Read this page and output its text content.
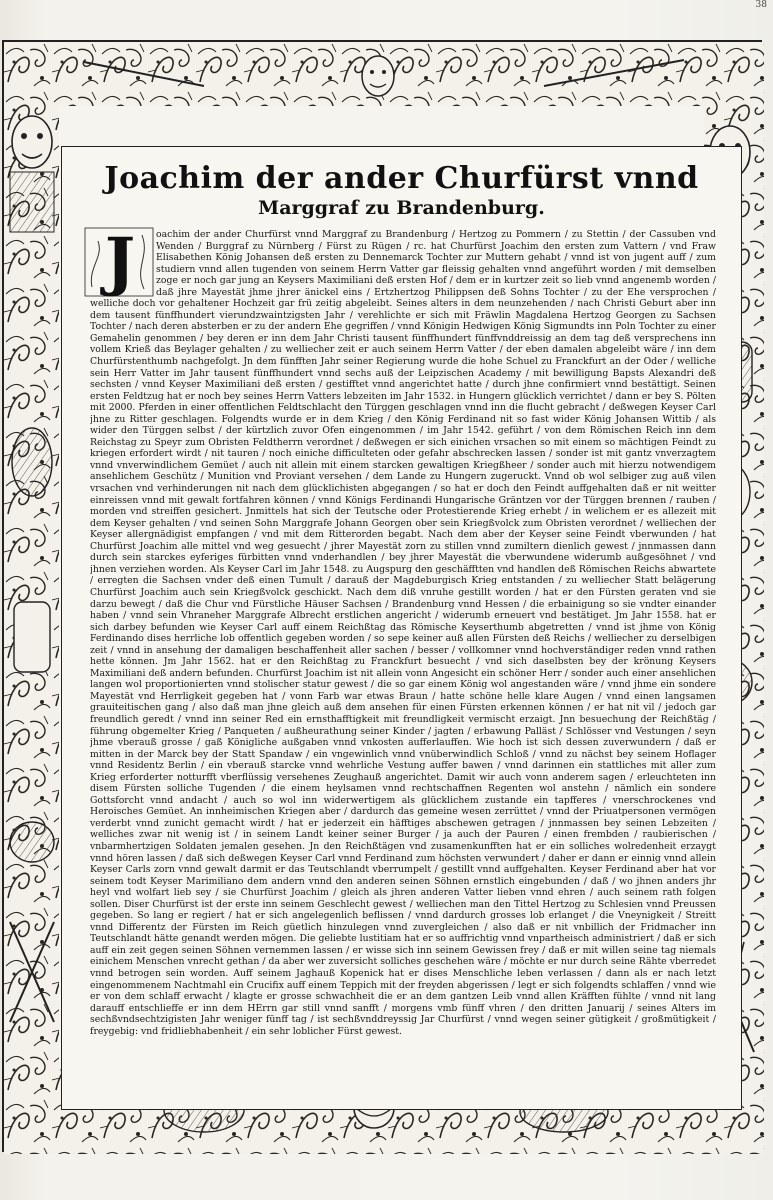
38
Joachim der ander Churfürst vnnd
Marggraf zu Brandenburg.
J	oachim der ander Churfürst vnnd Marggraf zu Brandenburg / Hertzog zu Pommern / zu Stettin / der Cassuben vnd Wenden / Burggraf zu Nürnberg / Fürst zu Rügen / rc. hat Churfürst Joachim den ersten zum Vattern / vnd Fraw Elisabethen König Johansen deß ersten zu Dennemarck Tochter zur Muttern gehabt / vnnd ist von jugent auff / zum studiern vnnd allen tugenden von seinem Herrn Vatter gar fleissig gehalten vnnd angeführt worden / mit demselben zoge er noch gar jung an Keysers Maximiliani deß ersten Hof / dem er in kurtzer zeit so lieb vnnd angenemb worden / daß jhre Mayestät jhme jhrer änickel eins / Ertzhertzog Philippsen deß Sohns Tochter / zu der Ehe versprochen / welliche doch vor gehaltener Hochzeit gar frü zeitig abgeleibt. Seines alters in dem neunzehenden / nach Christi Geburt aber inn dem tausent fünffhundert vierundzwaintzigsten Jahr / verehlichte er sich mit Fräwlin Magdalena Hertzog Georgen zu Sachsen Tochter / nach deren absterben er zu der andern Ehe gegriffen / vnnd Königin Hedwigen König Sigmundts inn Poln Tochter zu einer Gemahelin genommen / bey deren er inn dem Jahr Christi tausent fünffhundert fünffvnddreissig an dem tag deß versprechens inn vollem Krieß das Beylager gehalten / zu welliecher zeit er auch seinem Herrn Vatter / der eben damalen abgeleibt wäre / inn dem Churfürstenthumb nachgefolgt. Jn dem fünfften Jahr seiner Regierung wurde die hohe Schuel zu Franckfurt an der Oder / welliche sein Herr Vatter im Jahr tausent fünffhundert vnnd sechs auß der Leipzischen Academy / mit bewilligung Bapsts Alexandri deß sechsten / vnnd Keyser Maximiliani deß ersten / gestifftet vnnd angerichtet hatte / durch jhne confirmiert vnnd bestättigt. Seinen ersten Feldtzug hat er noch bey seines Herrn Vatters lebzeiten im Jahr 1532. in Hungern glücklich verrichtet / dann er bey S. Pölten mit 2000. Pferden in einer offentlichen Feldtschlacht den Türggen geschlagen vnnd inn die flucht gebracht / deßwegen Keyser Carl jhne zu Ritter geschlagen. Folgendts wurde er in dem Krieg / den König Ferdinand nit so fast wider König Johansen Wittib / als wider den Türggen selbst / der kürtzlich zuvor Ofen eingenommen / im Jahr 1542. geführt / von dem Römischen Reich inn dem Reichstag zu Speyr zum Obristen Feldtherrn verordnet / deßwegen er sich einichen vrsachen so mit einem so mächtigen Feindt zu kriegen erfordert wirdt / nit tauren / noch einiche difficulteten oder gefahr abschrecken lassen / sonder ist mit gantz vnverzagtem vnnd vnverwindlichem Gemüet / auch nit allein mit einem starcken gewaltigen Kriegßheer / sonder auch mit hierzu notwendigem ansehlichem Geschütz / Munition vnd Proviant versehen / dem Lande zu Hungern zugeruckt. Vnnd ob wol selbiger zug auß vilen vrsachen vnd verhinderungen nit nach dem glücklichisten abgegangen / so hat er doch den Feindt auffgehalten daß er nit weitter einreissen vnnd mit gewalt fortfahren können / vnnd Königs Ferdinandi Hungarische Gräntzen vor der Türggen brennen / rauben / morden vnd streiffen gesichert. Jnmittels hat sich der Teutsche oder Protestierende Krieg erhebt / in welichem er es allezeit mit dem Keyser gehalten / vnd seinen Sohn Marggrafe Johann Georgen ober sein Kriegßvolck zum Obristen verordnet / welliechen der Keyser allergnädigist empfangen / vnd mit dem Ritterorden begabt. Nach dem aber der Keyser seine Feindt vberwunden / hat Churfürst Joachim alle mittel vnd weg gesuecht / jhrer Mayestät zorn zu stillen vnnd zumiltern dienlich gewest / jnnmassen dann durch sein starckes eyferiges fürbitten vnnd vnderhandlen / bey jhrer Mayestät die vberwundene widerumb außgesöhnet / vnd jhnen verziehen worden. Als Keyser Carl im Jahr 1548. zu Augspurg den geschäfftten vnd handlen deß Römischen Reichs abwartete / erregten die Sachsen vnder deß einen Tumult / darauß der Magdeburgisch Krieg entstanden / zu welliecher Statt belägerung Churfürst Joachim auch sein Kriegßvolck geschickt. Nach dem diß vnruhe gestillt worden / hat er den Fürsten geraten vnd sie darzu bewegt / daß die Chur vnd Fürstliche Häuser Sachsen / Brandenburg vnnd Hessen / die erbainigung so sie vndter einander haben / vnnd sein Vhraneher Marggrafe Albrecht erstlichen angericht / widerumb erneuert vnd bestätiget. Jm Jahr 1558. hat er sich darbey befunden wie Keyser Carl auff einem Reichßtag das Römische Keyserthumb abgetretten / vnnd ist jhme von König Ferdinando dises herrliche lob offentlich gegeben worden / so sepe keiner auß allen Fürsten deß Reichs / welliecher zu derselbigen zeit / vnnd in ansehung der damaligen beschaffenheit aller sachen / besser / vollkomner vnnd hochverständiger reden vnnd rathen hette können. Jm Jahr 1562. hat er den Reichßtag zu Franckfurt besuecht / vnd sich daselbsten bey der krönung Keysers Maximiliani deß andern befunden. Churfürst Joachim ist nit allein vonn Angesicht ein schöner Herr / sonder auch einer ansehlichen langen wol proportionierten vnnd stolischer statur gewest / die so gar einem König wol angestanden wäre / vnnd jhme ein sondere Mayestät vnd Herrligkeit gegeben hat / vonn Farb war etwas Braun / hatte schöne helle klare Augen / vnnd einen langsamen grauiteitischen gang / also daß man jhne gleich auß dem ansehen für einen Fürsten erkennen können / er hat nit vil / jedoch gar freundlich geredt / vnnd inn seiner Red ein ernsthafftigkeit mit freundligkeit vermischt erzaigt. Jnn besuechung der Reichßtäg / führung obgemelter Krieg / Panqueten / außheurathung seiner Kinder / jagten / erbawung Palläst / Schlösser vnd Vestungen / seyn jhme vberauß grosse / gaß Königliche außgaben vnnd vnkosten aufferlauffen. Wie hoch ist sich dessen zuverwundern / daß er mitten in der Marck bey der Statt Spandaw / ein vngewinlich vnnd vnüberwindlich Schloß / vnnd zu nächst bey seinem Hoflager vnnd Residentz Berlin / ein vberauß starcke vnnd wehrliche Vestung auffer bawen / vnnd darinnen ein stattliches mit aller zum Krieg erforderter notturfft vberflüssig versehenes Zeughauß angerichtet. Damit wir auch vonn anderem sagen / erleuchteten inn disem Fürsten solliche Tugenden / die einem heylsamen vnnd rechtschaffnen Regenten wol anstehn / nämlich ein sondere Gottsforcht vnnd andacht / auch so wol inn widerwertigem als glücklichem zustande ein tapfferes / vnerschrockenes vnd Heroisches Gemüet. An innheimischen Kriegen aber / dardurch das gemeine wesen zerrüttet / vnnd der Priuatpersonen vermögen verderbt vnnd zunicht gemacht wirdt / hat er jederzeit ein häfftiges abschewen getragen / jnnmassen bey seinen Lebzeiten / welliches zwar nit wenig ist / in seinem Landt keiner seiner Burger / ja auch der Pauren / einen frembden / raubierischen / vnbarmhertzigen Soldaten jemalen gesehen. Jn den Reichßtägen vnd zusamenkunfften hat er ein solliches wolredenheit erzaygt vnnd hören lassen / daß sich deßwegen Keyser Carl vnnd Ferdinand zum höchsten verwundert / daher er dann er einnig vnnd allein Keyser Carls zorn vnnd gewalt darmit er das Teutschlandt vberrumpelt / gestillt vnnd auffgehalten. Keyser Ferdinand aber hat vor seinem todt Keyser Marimiliano dem andern vnnd den anderen seinen Söhnen ernstlich eingebunden / daß / wo jhnen anders jhr heyl vnd wolfart lieb sey / sie Churfürst Joachim / gleich als jhren anderen Vatter lieben vnnd ehren / auch seinem rath folgen sollen. Diser Churfürst ist der erste inn seinem Geschlecht gewest / welliechen man den Tittel Hertzog zu Schlesien vnnd Preussen gegeben. So lang er regiert / hat er sich angelegenlich beflissen / vnnd dardurch grosses lob erlanget / die Vneynigkeit / Streitt vnnd Differentz der Fürsten im Reich güetlich hinzulegen vnnd zuvergleichen / also daß er nit vnbillich der Fridmacher inn Teutschlandt hätte genandt werden mögen. Die geliebte lustitiam hat er so auffrichtig vnnd vnpartheisch administriert / daß er sich auff ein zeit gegen seinen Söhnen vernemmen lassen / er wisse sich inn seinem Gewissen frey / daß er mit willen seine tag niemals einichem Menschen vnrecht gethan / da aber wer zuversicht solliches geschehen wäre / möchte er nur durch seine Rähte vberredet vnnd betrogen sein worden. Auff seinem Jaghauß Kopenick hat er dises Menschliche leben verlassen / dann als er nach letzt eingenommenem Nachtmahl ein Crucifix auff einem Teppich mit der freyden abgerissen / legt er sich folgendts schlaffen / vnnd wie er von dem schlaff erwacht / klagte er grosse schwachheit die er an dem gantzen Leib vnnd allen Kräfften fühlte / vnnd nit lang darauff entschlieffe er inn dem HErrn gar still vnnd sanfft / morgens vmb fünff vhren / den dritten Januarij / seines Alters im sechßvndsechtzigisten Jahr weniger fünff tag / ist sechßvnddreyssig Jar Churfürst / vnnd wegen seiner gütigkeit / großmütigkeit / freygebig: vnd fridliebhabenheit / ein sehr loblicher Fürst gewest.
